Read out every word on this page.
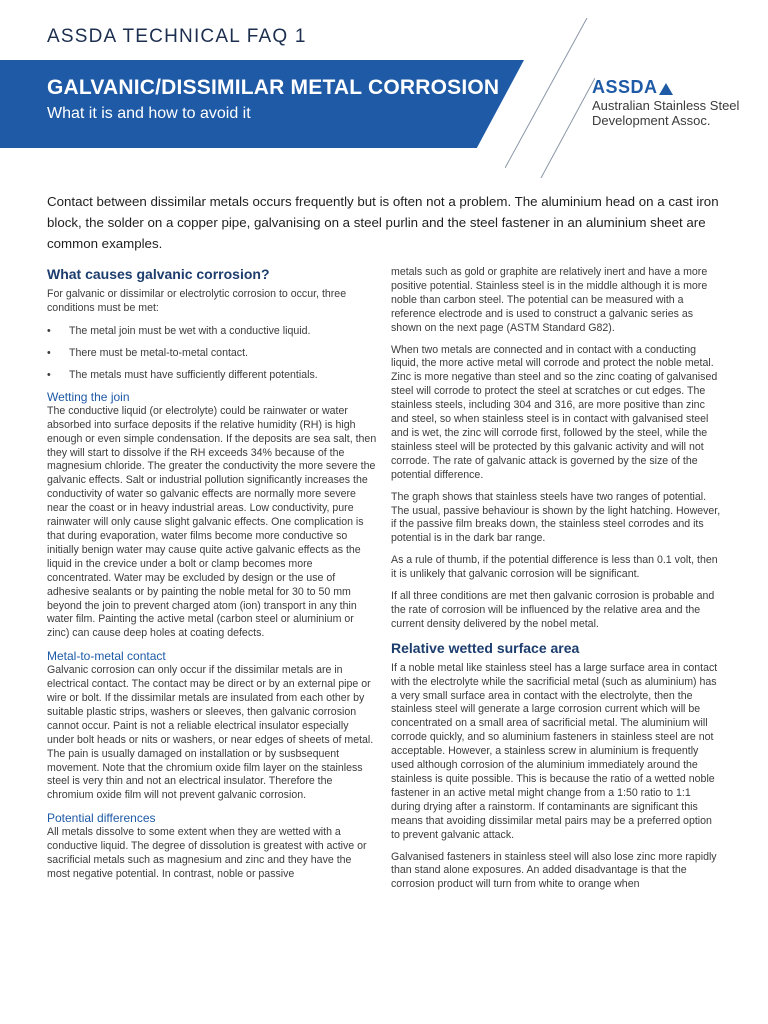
ASSDA TECHNICAL FAQ 1
GALVANIC/DISSIMILAR METAL CORROSION
What it is and how to avoid it
ASSDA
Australian Stainless Steel
Development Assoc.
Contact between dissimilar metals occurs frequently but is often not a problem. The aluminium head on a cast iron block, the solder on a copper pipe, galvanising on a steel purlin and the steel fastener in an aluminium sheet are common examples.
What causes galvanic corrosion?

For galvanic or dissimilar or electrolytic corrosion to occur, three conditions must be met:

• The metal join must be wet with a conductive liquid.
• There must be metal-to-metal contact.
• The metals must have sufficiently different potentials.
Wetting the join

The conductive liquid (or electrolyte) could be rainwater or water absorbed into surface deposits if the relative humidity (RH) is high enough or even simple condensation. If the deposits are sea salt, then they will start to dissolve if the RH exceeds 34% because of the magnesium chloride. The greater the conductivity the more severe the galvanic effects. Salt or industrial pollution significantly increases the conductivity of water so galvanic effects are normally more severe near the coast or in heavy industrial areas. Low conductivity, pure rainwater will only cause slight galvanic effects. One complication is that during evaporation, water films become more conductive so initially benign water may cause quite active galvanic effects as the liquid in the crevice under a bolt or clamp becomes more concentrated. Water may be excluded by design or the use of adhesive sealants or by painting the noble metal for 30 to 50 mm beyond the join to prevent charged atom (ion) transport in any thin water film. Painting the active metal (carbon steel or aluminium or zinc) can cause deep holes at coating defects.

Metal-to-metal contact

Galvanic corrosion can only occur if the dissimilar metals are in electrical contact. The contact may be direct or by an external pipe or wire or bolt. If the dissimilar metals are insulated from each other by suitable plastic strips, washers or sleeves, then galvanic corrosion cannot occur. Paint is not a reliable electrical insulator especially under bolt heads or nits or washers, or near edges of sheets of metal. The pain is usually damaged on installation or by susbsequent movement. Note that the chromium oxide film layer on the stainless steel is very thin and not an electrical insulator. Therefore the chromium oxide film will not prevent galvanic corrosion.

Potential differences

All metals dissolve to some extent when they are wetted with a conductive liquid. The degree of dissolution is greatest with active or sacrificial metals such as magnesium and zinc and they have the most negative potential. In contrast, noble or passive

metals such as gold or graphite are relatively inert and have a more positive potential. Stainless steel is in the middle although it is more noble than carbon steel. The potential can be measured with a reference electrode and is used to construct a galvanic series as shown on the next page (ASTM Standard G82).

When two metals are connected and in contact with a conducting liquid, the more active metal will corrode and protect the noble metal. Zinc is more negative than steel and so the zinc coating of galvanised steel will corrode to protect the steel at scratches or cut edges. The stainless steels, including 304 and 316, are more positive than zinc and steel, so when stainless steel is in contact with galvanised steel and is wet, the zinc will corrode first, followed by the steel, while the stainless steel will be protected by this galvanic activity and will not corrode. The rate of galvanic attack is governed by the size of the potential difference.

The graph shows that stainless steels have two ranges of potential. The usual, passive behaviour is shown by the light hatching. However, if the passive film breaks down, the stainless steel corrodes and its potential is in the dark bar range.

As a rule of thumb, if the potential difference is less than 0.1 volt, then it is unlikely that galvanic corrosion will be significant.

If all three conditions are met then galvanic corrosion is probable and the rate of corrosion will be influenced by the relative area and the current density delivered by the nobel metal.

Relative wetted surface area

If a noble metal like stainless steel has a large surface area in contact with the electrolyte while the sacrificial metal (such as aluminium) has a very small surface area in contact with the electrolyte, then the stainless steel will generate a large corrosion current which will be concentrated on a small area of sacrificial metal. The aluminium will corrode quickly, and so aluminium fasteners in stainless steel are not acceptable. However, a stainless screw in aluminium is frequently used although corrosion of the aluminium immediately around the stainless is quite possible. This is because the ratio of a wetted noble fastener in an active metal might change from a 1:50 ratio to 1:1 during drying after a rainstorm. If contaminants are significant this means that avoiding dissimilar metal pairs may be a preferred option to prevent galvanic attack.

Galvanised fasteners in stainless steel will also lose zinc more rapidly than stand alone exposures. An added disadvantage is that the corrosion product will turn from white to orange when
